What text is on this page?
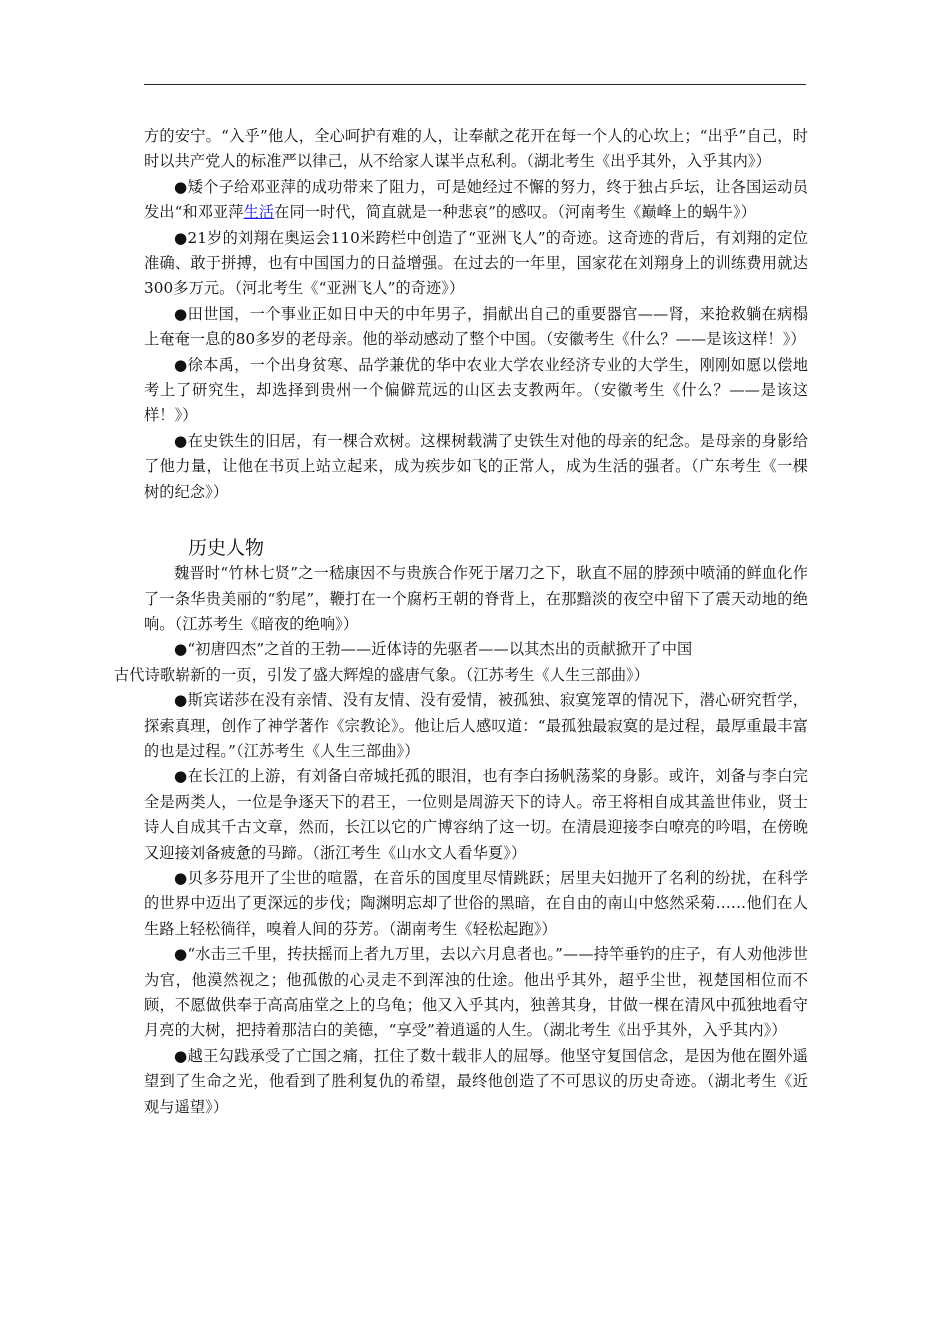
方的安宁。“入乎”他人，全心呵护有难的人，让奉献之花开在每一个人的心坎上；“出乎”自己，时时以共产党人的标准严以律己，从不给家人谋半点私利。（湖北考生《出乎其外，入乎其内》）

●矮个子给邓亚萍的成功带来了阻力，可是她经过不懈的努力，终于独占乒坛，让各国运动员发出“和邓亚萍生活在同一时代，简直就是一种悲哀”的感叹。（河南考生《巅峰上的蜗牛》）

●21岁的刘翔在奥运会110米跨栏中创造了“亚洲飞人”的奇迹。这奇迹的背后，有刘翔的定位准确、敢于拼搏，也有中国国力的日益增强。在过去的一年里，国家花在刘翔身上的训练费用就达300多万元。（河北考生《“亚洲飞人”的奇迹》）

●田世国，一个事业正如日中天的中年男子，捐献出自己的重要器官——肾，来抢救躺在病榻上奄奄一息的80多岁的老母亲。他的举动感动了整个中国。（安徽考生《什么？——是该这样！》）

●徐本禹，一个出身贫寒、品学兼优的华中农业大学农业经济专业的大学生，刚刚如愿以偿地考上了研究生，却选择到贵州一个偏僻荒远的山区去支教两年。（安徽考生《什么？——是该这样！》）

●在史铁生的旧居，有一棵合欢树。这棵树载满了史铁生对他的母亲的纪念。是母亲的身影给了他力量，让他在书页上站立起来，成为疾步如飞的正常人，成为生活的强者。（广东考生《一棵树的纪念》）

历史人物

魏晋时“竹林七贤”之一嵇康因不与贵族合作死于屠刀之下，耿直不屈的脖颈中喷涌的鲜血化作了一条华贵美丽的“豹尾”，鞭打在一个腐朽王朝的脊背上，在那黯淡的夜空中留下了震天动地的绝响。（江苏考生《暗夜的绝响》）

●“初唐四杰”之首的王勃——近体诗的先驱者——以其杰出的贡献掀开了中国
古代诗歌崭新的一页，引发了盛大辉煌的盛唐气象。（江苏考生《人生三部曲》）

●斯宾诺莎在没有亲情、没有友情、没有爱情，被孤独、寂寞笼罩的情况下，潜心研究哲学，探索真理，创作了神学著作《宗教论》。他让后人感叹道：“最孤独最寂寞的是过程，最厚重最丰富的也是过程。”（江苏考生《人生三部曲》）

●在长江的上游，有刘备白帝城托孤的眼泪，也有李白扬帆荡桨的身影。或许，刘备与李白完全是两类人，一位是争逐天下的君王，一位则是周游天下的诗人。帝王将相自成其盖世伟业，贤士诗人自成其千古文章，然而，长江以它的广博容纳了这一切。在清晨迎接李白嘹亮的吟唱，在傍晚又迎接刘备疲惫的马蹄。（浙江考生《山水文人看华夏》）

●贝多芬甩开了尘世的喧嚣，在音乐的国度里尽情跳跃；居里夫妇抛开了名利的纷扰，在科学的世界中迈出了更深远的步伐；陶渊明忘却了世俗的黑暗，在自由的南山中悠然采菊……他们在人生路上轻松徜徉，嗅着人间的芬芳。（湖南考生《轻松起跑》）

●“水击三千里，抟扶摇而上者九万里，去以六月息者也。”——持竿垂钓的庄子，有人劝他涉世为官，他漠然视之；他孤傲的心灵走不到浑浊的仕途。他出乎其外，超乎尘世，视楚国相位而不顾，不愿做供奉于高高庙堂之上的乌龟；他又入乎其内，独善其身，甘做一棵在清风中孤独地看守月亮的大树，把持着那洁白的美德，“享受”着逍遥的人生。（湖北考生《出乎其外，入乎其内》）

●越王勾践承受了亡国之痛，扛住了数十载非人的屈辱。他坚守复国信念，是因为他在圈外遥望到了生命之光，他看到了胜利复仇的希望，最终他创造了不可思议的历史奇迹。（湖北考生《近观与遥望》）
